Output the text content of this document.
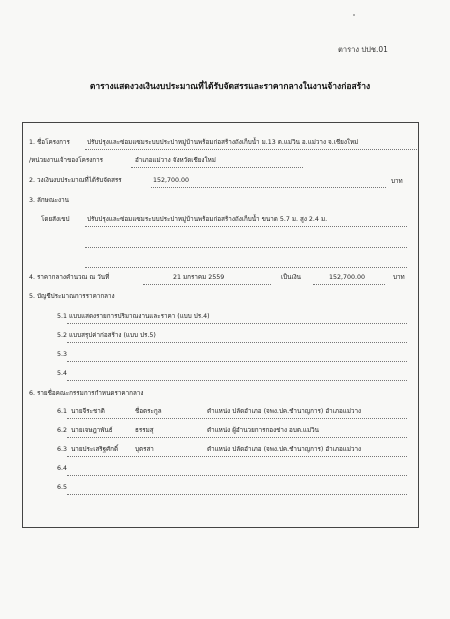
ตาราง ปปช.01
ตารางแสดงวงเงินงบประมาณที่ได้รับจัดสรรและราคากลางในงานจ้างก่อสร้าง
1. ชื่อโครงการ	ปรับปรุงและซ่อมแซมระบบประปาหมู่บ้านพร้อมก่อสร้างถังเก็บน้ำ ม.13 ต.แม่วิน อ.แม่วาง จ.เชียงใหม่
/หน่วยงานเจ้าของโครงการ	อำเภอแม่วาง จังหวัดเชียงใหม่
2. วงเงินงบประมาณที่ได้รับจัดสรร	152,700.00	บาท
3. ลักษณะงาน
โดยสังเขป	ปรับปรุงและซ่อมแซมระบบประปาหมู่บ้านพร้อมก่อสร้างถังเก็บน้ำ ขนาด 5.7 ม. สูง 2.4 ม.
4. ราคากลางคำนวณ ณ วันที่	21 มกราคม 2559	เป็นเงิน	152,700.00	บาท
5. บัญชีประมาณการราคากลาง
5.1 แบบแสดงรายการปริมาณงานและราคา (แบบ ปร.4)
5.2 แบบสรุปค่าก่อสร้าง (แบบ ปร.5)
5.3
5.4
6. รายชื่อคณะกรรมการกำหนดราคากลาง
6.1 นายจีระชาติ	ชื่อตระกูล	ตำแหน่ง ปลัดอำเภอ (จพง.ปค.ชำนาญการ) อำเภอแม่วาง
6.2 นายเจษฎาพันธ์	ธรรมสุ	ตำแหน่ง ผู้อำนวยการกองช่าง อบต.แม่วิน
6.3 นายประเสริฐศักดิ์	บุตรสา	ตำแหน่ง ปลัดอำเภอ (จพง.ปค.ชำนาญการ) อำเภอแม่วาง
6.4
6.5
